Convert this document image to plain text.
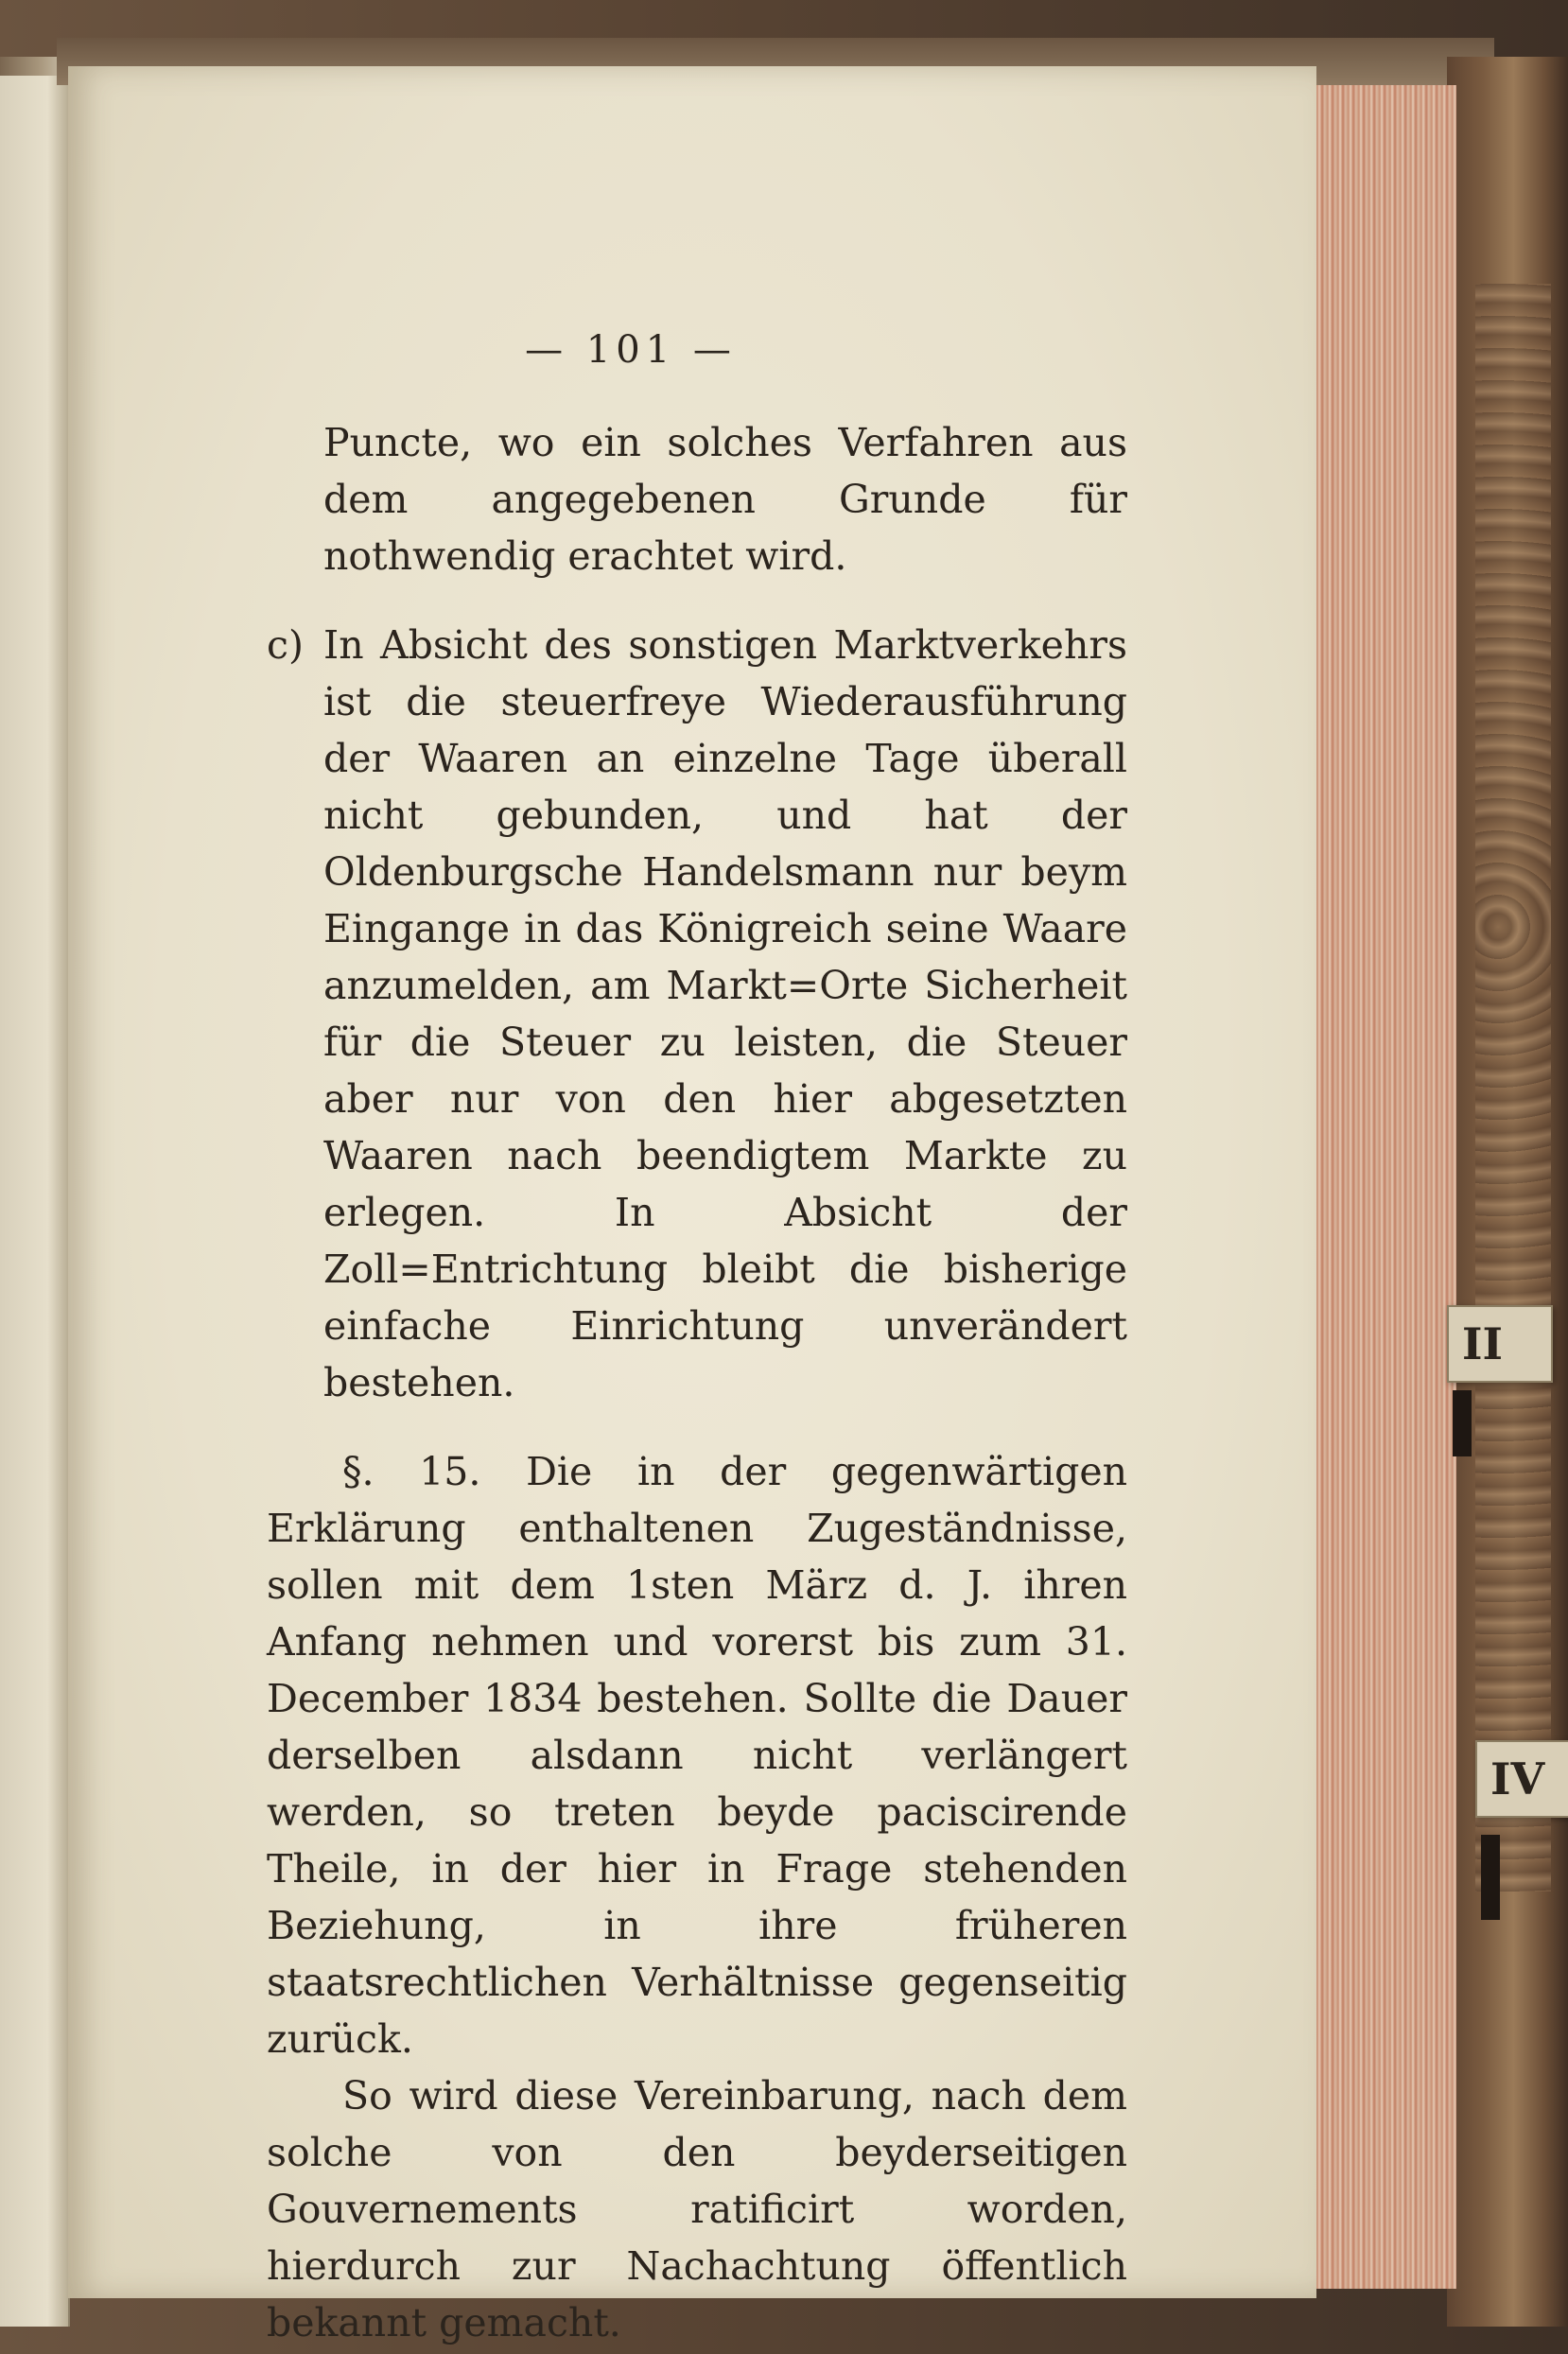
— 101 —

Puncte, wo ein solches Verfahren aus dem angegebenen Grunde für nothwendig erachtet wird.

c) In Absicht des sonstigen Marktverkehrs ist die steuerfreye Wiederausführung der Waaren an einzelne Tage überall nicht gebunden, und hat der Oldenburgsche Handelsmann nur beym Eingange in das Königreich seine Waare anzumelden, am Markt=Orte Sicherheit für die Steuer zu leisten, die Steuer aber nur von den hier abgesetzten Waaren nach beendigtem Markte zu erlegen. In Absicht der Zoll=Entrichtung bleibt die bisherige einfache Einrichtung unverändert bestehen.

§. 15. Die in der gegenwärtigen Erklärung enthaltenen Zugeständnisse, sollen mit dem 1sten März d. J. ihren Anfang nehmen und vorerst bis zum 31. December 1834 bestehen. Sollte die Dauer derselben alsdann nicht verlängert werden, so treten beyde paciscirende Theile, in der hier in Frage stehenden Beziehung, in ihre früheren staatsrechtlichen Verhältnisse gegenseitig zurück.

So wird diese Vereinbarung, nach dem solche von den beyderseitigen Gouvernements ratificirt worden, hierdurch zur Nachachtung öffentlich bekannt gemacht.

II
IV
